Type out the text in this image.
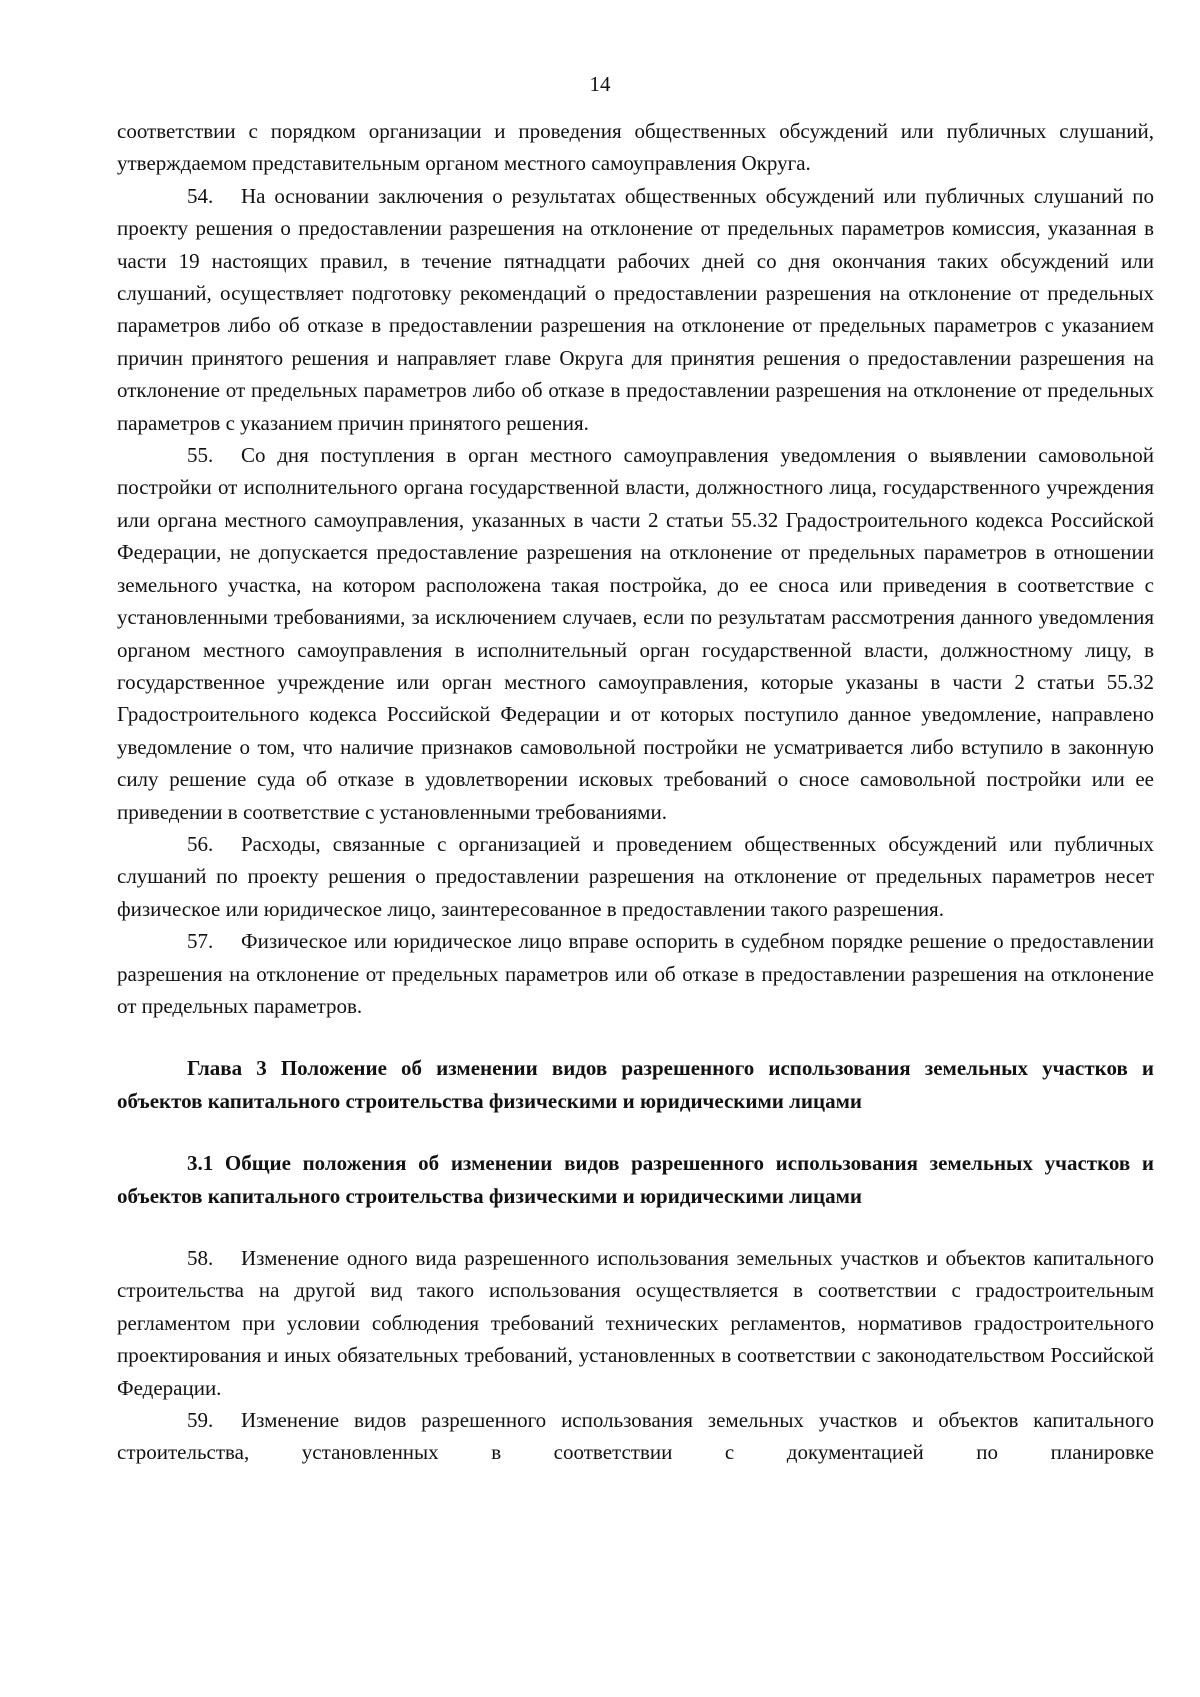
14

соответствии с порядком организации и проведения общественных обсуждений или публичных слушаний, утверждаемом представительным органом местного самоуправления Округа.

54. На основании заключения о результатах общественных обсуждений или публичных слушаний по проекту решения о предоставлении разрешения на отклонение от предельных параметров комиссия, указанная в части 19 настоящих правил, в течение пятнадцати рабочих дней со дня окончания таких обсуждений или слушаний, осуществляет подготовку рекомендаций о предоставлении разрешения на отклонение от предельных параметров либо об отказе в предоставлении разрешения на отклонение от предельных параметров с указанием причин принятого решения и направляет главе Округа для принятия решения о предоставлении разрешения на отклонение от предельных параметров либо об отказе в предоставлении разрешения на отклонение от предельных параметров с указанием причин принятого решения.

55. Со дня поступления в орган местного самоуправления уведомления о выявлении самовольной постройки от исполнительного органа государственной власти, должностного лица, государственного учреждения или органа местного самоуправления, указанных в части 2 статьи 55.32 Градостроительного кодекса Российской Федерации, не допускается предоставление разрешения на отклонение от предельных параметров в отношении земельного участка, на котором расположена такая постройка, до ее сноса или приведения в соответствие с установленными требованиями, за исключением случаев, если по результатам рассмотрения данного уведомления органом местного самоуправления в исполнительный орган государственной власти, должностному лицу, в государственное учреждение или орган местного самоуправления, которые указаны в части 2 статьи 55.32 Градостроительного кодекса Российской Федерации и от которых поступило данное уведомление, направлено уведомление о том, что наличие признаков самовольной постройки не усматривается либо вступило в законную силу решение суда об отказе в удовлетворении исковых требований о сносе самовольной постройки или ее приведении в соответствие с установленными требованиями.

56. Расходы, связанные с организацией и проведением общественных обсуждений или публичных слушаний по проекту решения о предоставлении разрешения на отклонение от предельных параметров несет физическое или юридическое лицо, заинтересованное в предоставлении такого разрешения.

57. Физическое или юридическое лицо вправе оспорить в судебном порядке решение о предоставлении разрешения на отклонение от предельных параметров или об отказе в предоставлении разрешения на отклонение от предельных параметров.

Глава 3 Положение об изменении видов разрешенного использования земельных участков и объектов капитального строительства физическими и юридическими лицами

3.1 Общие положения об изменении видов разрешенного использования земельных участков и объектов капитального строительства физическими и юридическими лицами

58. Изменение одного вида разрешенного использования земельных участков и объектов капитального строительства на другой вид такого использования осуществляется в соответствии с градостроительным регламентом при условии соблюдения требований технических регламентов, нормативов градостроительного проектирования и иных обязательных требований, установленных в соответствии с законодательством Российской Федерации.

59. Изменение видов разрешенного использования земельных участков и объектов капитального строительства, установленных в соответствии с документацией по планировке
